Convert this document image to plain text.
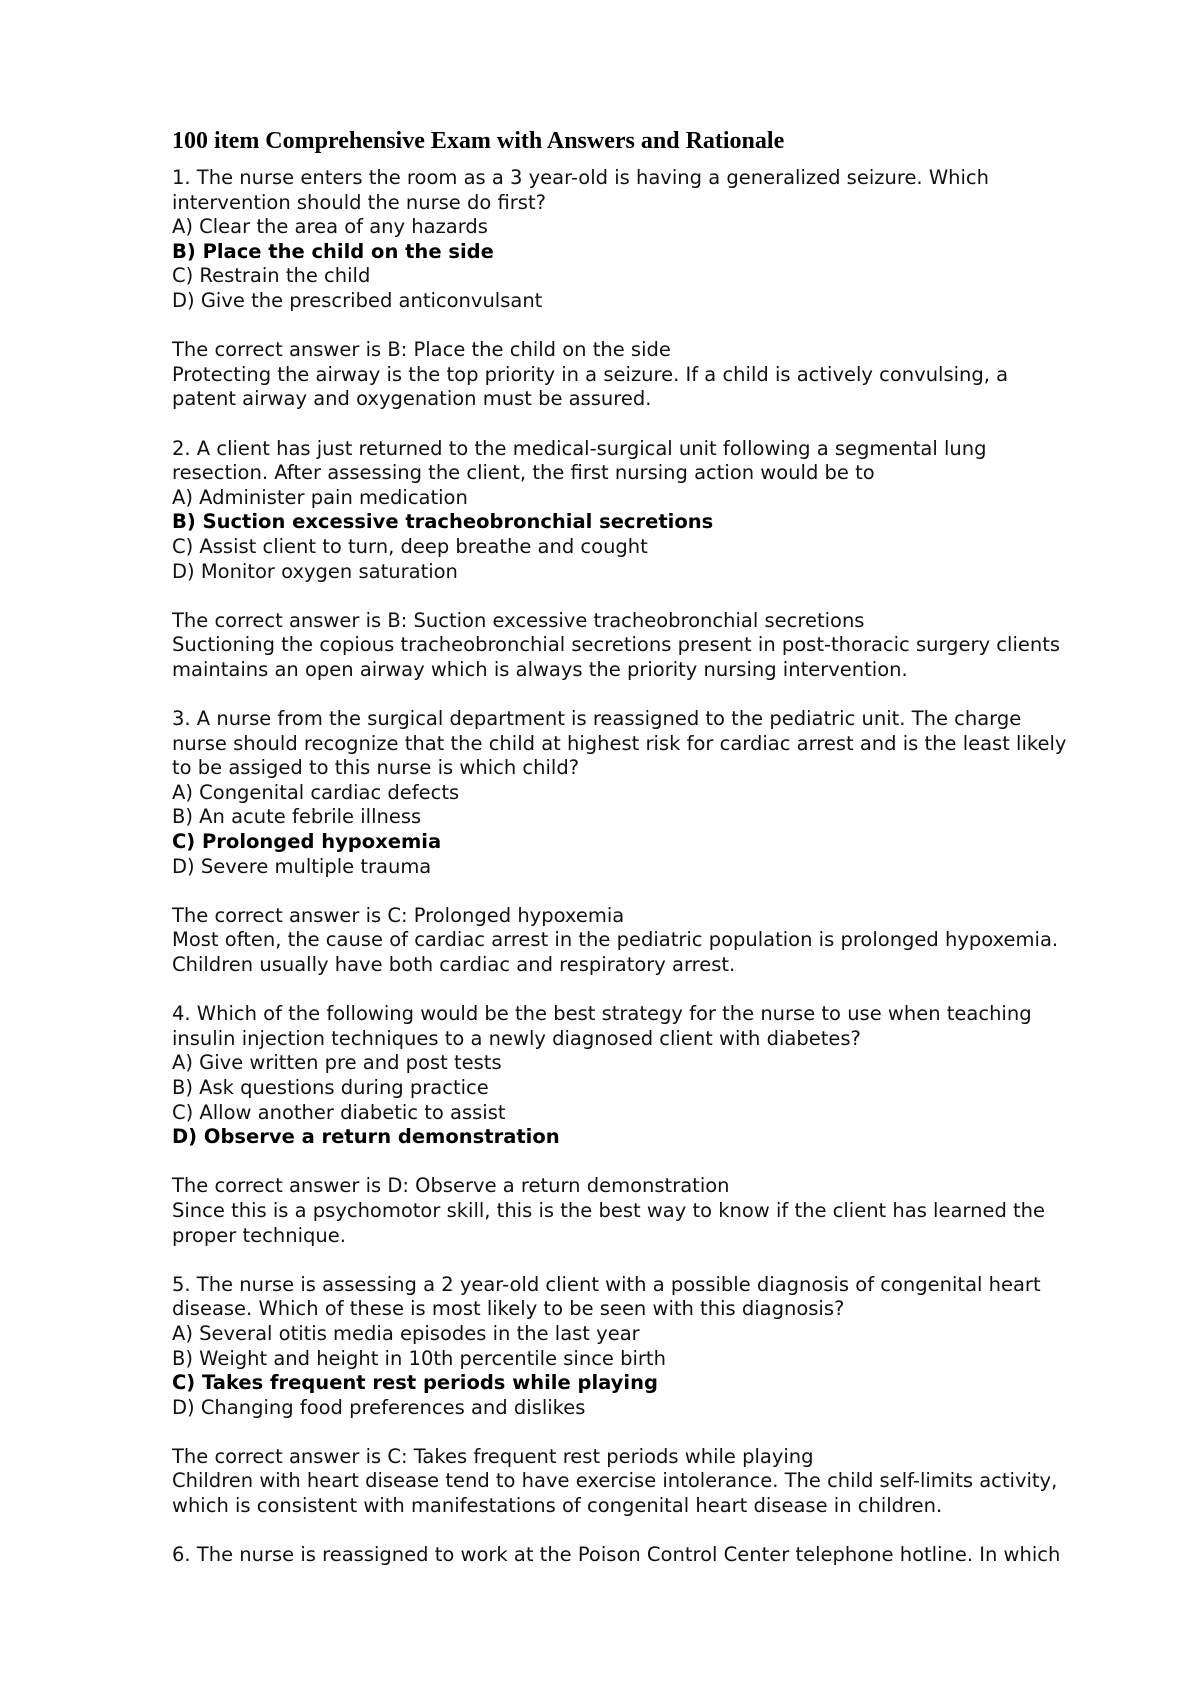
100 item Comprehensive Exam with Answers and Rationale
1. The nurse enters the room as a 3 year-old is having a generalized seizure. Which
intervention should the nurse do first?
A) Clear the area of any hazards
B) Place the child on the side
C) Restrain the child
D) Give the prescribed anticonvulsant
The correct answer is B: Place the child on the side
Protecting the airway is the top priority in a seizure. If a child is actively convulsing, a
patent airway and oxygenation must be assured.
2. A client has just returned to the medical-surgical unit following a segmental lung
resection. After assessing the client, the first nursing action would be to
A) Administer pain medication
B) Suction excessive tracheobronchial secretions
C) Assist client to turn, deep breathe and cought
D) Monitor oxygen saturation
The correct answer is B: Suction excessive tracheobronchial secretions
Suctioning the copious tracheobronchial secretions present in post-thoracic surgery clients
maintains an open airway which is always the priority nursing intervention.
3. A nurse from the surgical department is reassigned to the pediatric unit. The charge
nurse should recognize that the child at highest risk for cardiac arrest and is the least likely
to be assiged to this nurse is which child?
A) Congenital cardiac defects
B) An acute febrile illness
C) Prolonged hypoxemia
D) Severe multiple trauma
The correct answer is C: Prolonged hypoxemia
Most often, the cause of cardiac arrest in the pediatric population is prolonged hypoxemia.
Children usually have both cardiac and respiratory arrest.
4. Which of the following would be the best strategy for the nurse to use when teaching
insulin injection techniques to a newly diagnosed client with diabetes?
A) Give written pre and post tests
B) Ask questions during practice
C) Allow another diabetic to assist
D) Observe a return demonstration
The correct answer is D: Observe a return demonstration
Since this is a psychomotor skill, this is the best way to know if the client has learned the
proper technique.
5. The nurse is assessing a 2 year-old client with a possible diagnosis of congenital heart
disease. Which of these is most likely to be seen with this diagnosis?
A) Several otitis media episodes in the last year
B) Weight and height in 10th percentile since birth
C) Takes frequent rest periods while playing
D) Changing food preferences and dislikes
The correct answer is C: Takes frequent rest periods while playing
Children with heart disease tend to have exercise intolerance. The child self-limits activity,
which is consistent with manifestations of congenital heart disease in children.
6. The nurse is reassigned to work at the Poison Control Center telephone hotline. In which
